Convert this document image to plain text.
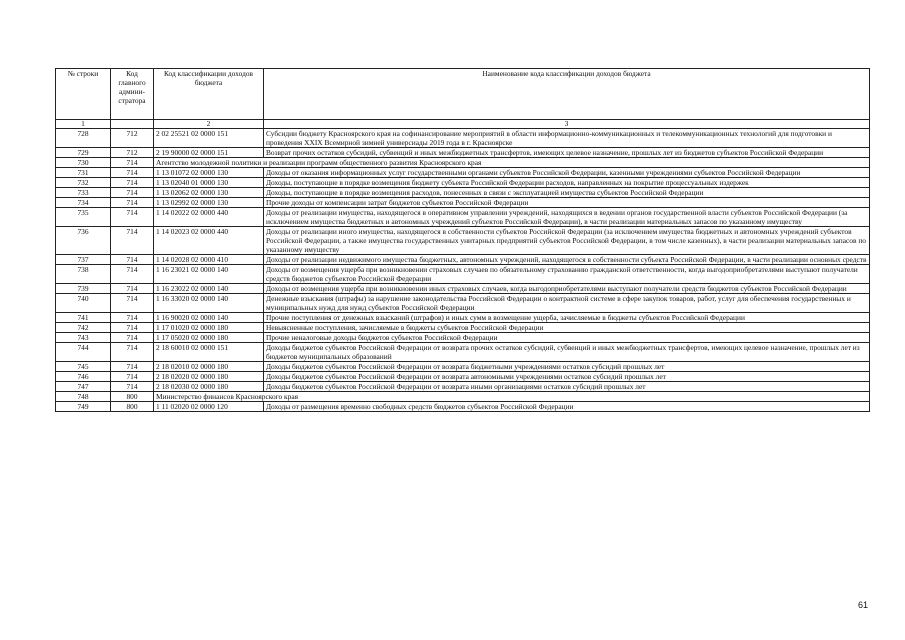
№ строки	Код главного админи-стратора	Код классификации доходов бюджета	Наименование кода классификации доходов бюджета
1		2	3
728	712	2 02 25521 02 0000 151	Субсидии бюджету Красноярского края на софинансирование мероприятий в области информационно-коммуникационных и телекоммуникационных технологий для подготовки и проведения XXIX Всемирной зимней универсиады 2019 года в г. Красноярске
729	712	2 19 90000 02 0000 151	Возврат прочих остатков субсидий, субвенций и иных межбюджетных трансфертов, имеющих целевое назначение, прошлых лет из бюджетов субъектов Российской Федерации
730	714	Агентство молодежной политики и реализации программ общественного развития Красноярского края	
731	714	1 13 01072 02 0000 130	Доходы от оказания информационных услуг государственными органами субъектов Российской Федерации, казенными учреждениями субъектов Российской Федерации
732	714	1 13 02040 01 0000 130	Доходы, поступающие в порядке возмещения бюджету субъекта Российской Федерации расходов, направленных на покрытие процессуальных издержек
733	714	1 13 02062 02 0000 130	Доходы, поступающие в порядке возмещения расходов, понесенных в связи с эксплуатацией имущества субъектов Российской Федерации
734	714	1 13 02992 02 0000 130	Прочие доходы от компенсации затрат бюджетов субъектов Российской Федерации
735	714	1 14 02022 02 0000 440	Доходы от реализации имущества, находящегося в оперативном управлении учреждений, находящихся в ведении органов государственной власти субъектов Российской Федерации (за исключением имущества бюджетных и автономных учреждений субъектов Российской Федерации), в части реализации материальных запасов по указанному имуществу
736	714	1 14 02023 02 0000 440	Доходы от реализации иного имущества, находящегося в собственности субъектов Российской Федерации (за исключением имущества бюджетных и автономных учреждений субъектов Российской Федерации, а также имущества государственных унитарных предприятий субъектов Российской Федерации, в том числе казенных), в части реализации материальных запасов по указанному имуществу
737	714	1 14 02028 02 0000 410	Доходы от реализации недвижимого имущества бюджетных, автономных учреждений, находящегося в собственности субъекта Российской Федерации, в части реализации основных средств
738	714	1 16 23021 02 0000 140	Доходы от возмещения ущерба при возникновении страховых случаев по обязательному страхованию гражданской ответственности, когда выгодоприобретателями выступают получатели средств бюджетов субъектов Российской Федерации
739	714	1 16 23022 02 0000 140	Доходы от возмещения ущерба при возникновении иных страховых случаев, когда выгодоприобретателями выступают получатели средств бюджетов субъектов Российской Федерации
740	714	1 16 33020 02 0000 140	Денежные взыскания (штрафы) за нарушение законодательства Российской Федерации о контрактной системе в сфере закупок товаров, работ, услуг для обеспечения государственных и муниципальных нужд для нужд субъектов Российской Федерации
741	714	1 16 90020 02 0000 140	Прочие поступления от денежных взысканий (штрафов) и иных сумм в возмещение ущерба, зачисляемые в бюджеты субъектов Российской Федерации
742	714	1 17 01020 02 0000 180	Невыясненные поступления, зачисляемые в бюджеты субъектов Российской Федерации
743	714	1 17 05020 02 0000 180	Прочие неналоговые доходы бюджетов субъектов Российской Федерации
744	714	2 18 60010 02 0000 151	Доходы бюджетов субъектов Российской Федерации от возврата прочих остатков субсидий, субвенций и иных межбюджетных трансфертов, имеющих целевое назначение, прошлых лет из бюджетов муниципальных образований
745	714	2 18 02010 02 0000 180	Доходы бюджетов субъектов Российской Федерации от возврата бюджетными учреждениями остатков субсидий прошлых лет
746	714	2 18 02020 02 0000 180	Доходы бюджетов субъектов Российской Федерации от возврата автономными учреждениями остатков субсидий прошлых лет
747	714	2 18 02030 02 0000 180	Доходы бюджетов субъектов Российской Федерации от возврата иными организациями остатков субсидий прошлых лет
748	800	Министерство финансов Красноярского края	
749	800	1 11 02020 02 0000 120	Доходы от размещения временно свободных средств бюджетов субъектов Российской Федерации
61
